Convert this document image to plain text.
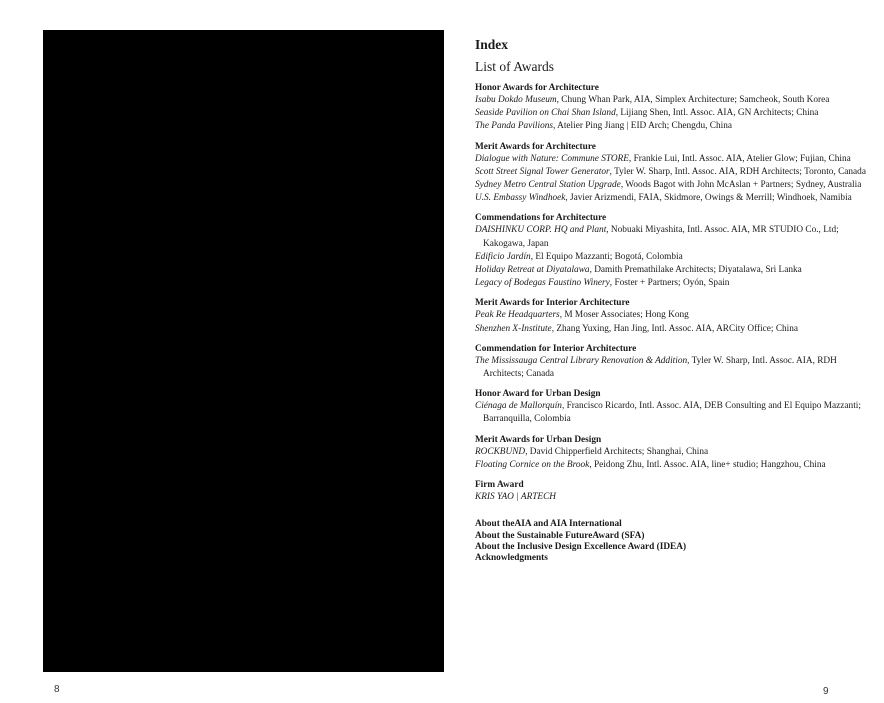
8	9
Index
List of Awards
Honor Awards for Architecture
Isabu Dokdo Museum, Chung Whan Park, AIA, Simplex Architecture; Samcheok, South Korea
Seaside Pavilion on Chai Shan Island, Lijiang Shen, Intl. Assoc. AIA, GN Architects; China
The Panda Pavilions, Atelier Ping Jiang | EID Arch; Chengdu, China
Merit Awards for Architecture
Dialogue with Nature: Commune STORE, Frankie Lui, Intl. Assoc. AIA, Atelier Glow; Fujian, China
Scott Street Signal Tower Generator, Tyler W. Sharp, Intl. Assoc. AIA, RDH Architects; Toronto, Canada
Sydney Metro Central Station Upgrade, Woods Bagot with John McAslan + Partners; Sydney, Australia
U.S. Embassy Windhoek, Javier Arizmendi, FAIA, Skidmore, Owings & Merrill; Windhoek, Namibia
Commendations for Architecture
DAISHINKU CORP. HQ and Plant, Nobuaki Miyashita, Intl. Assoc. AIA, MR STUDIO Co., Ltd; Kakogawa, Japan
Edificio Jardín, El Equipo Mazzanti; Bogotá, Colombia
Holiday Retreat at Diyatalawa, Damith Premathilake Architects; Diyatalawa, Sri Lanka
Legacy of Bodegas Faustino Winery, Foster + Partners; Oyón, Spain
Merit Awards for Interior Architecture
Peak Re Headquarters, M Moser Associates; Hong Kong
Shenzhen X-Institute, Zhang Yuxing, Han Jing, Intl. Assoc. AIA, ARCity Office; China
Commendation for Interior Architecture
The Mississauga Central Library Renovation & Addition, Tyler W. Sharp, Intl. Assoc. AIA, RDH Architects; Canada
Honor Award for Urban Design
Ciénaga de Mallorquín, Francisco Ricardo, Intl. Assoc. AIA, DEB Consulting and El Equipo Mazzanti; Barranquilla, Colombia
Merit Awards for Urban Design
ROCKBUND, David Chipperfield Architects; Shanghai, China
Floating Cornice on the Brook, Peidong Zhu, Intl. Assoc. AIA, line+ studio; Hangzhou, China
Firm Award
KRIS YAO | ARTECH
About theAIA and AIA International
About the Sustainable FutureAward (SFA)
About the Inclusive Design Excellence Award (IDEA)
Acknowledgments
